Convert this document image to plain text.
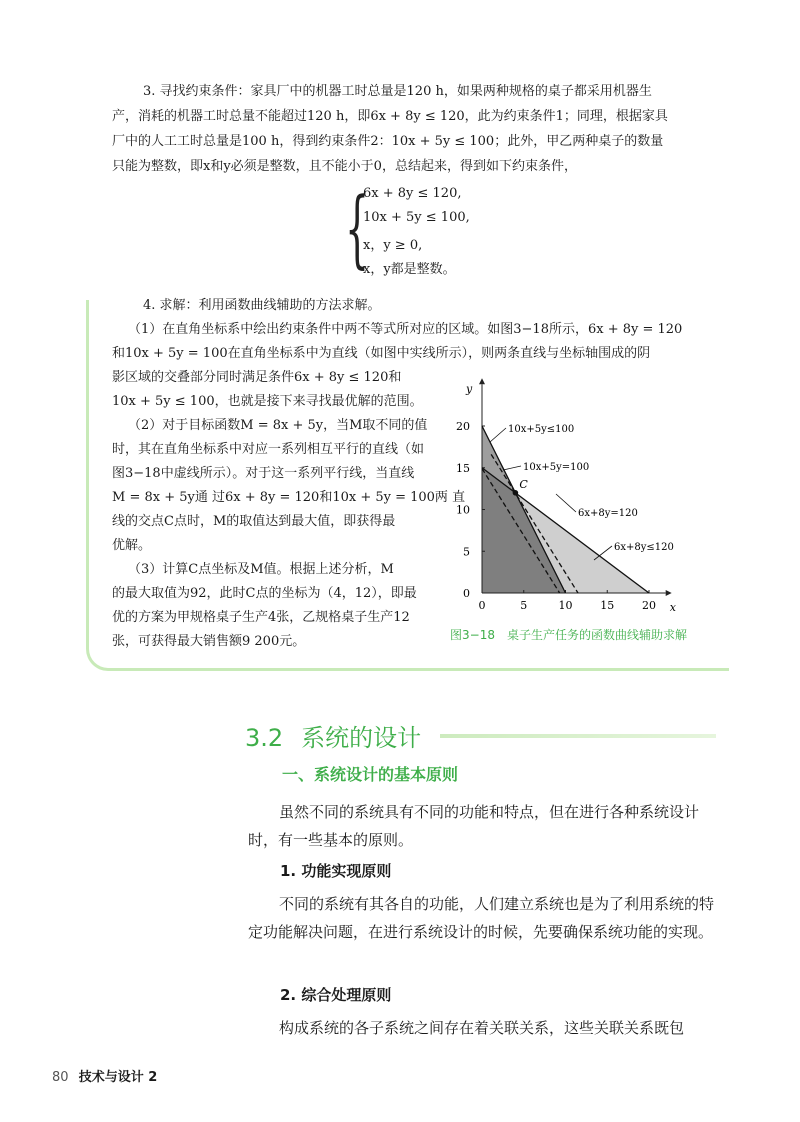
3. 寻找约束条件：家具厂中的机器工时总量是120 h，如果两种规格的桌子都采用机器生

产，消耗的机器工时总量不能超过120 h，即6x + 8y ≤ 120，此为约束条件1；同理，根据家具

厂中的人工工时总量是100 h，得到约束条件2：10x + 5y ≤ 100；此外，甲乙两种桌子的数量

只能为整数，即x和y必须是整数，且不能小于0，总结起来，得到如下约束条件，

{
6x + 8y ≤ 120,
10x + 5y ≤ 100,
x，y ≥ 0,
x，y都是整数。

4. 求解：利用函数曲线辅助的方法求解。

（1）在直角坐标系中绘出约束条件中两不等式所对应的区域。如图3−18所示，6x + 8y = 120

和10x + 5y = 100在直角坐标系中为直线（如图中实线所示），则两条直线与坐标轴围成的阴

影区域的交叠部分同时满足条件6x + 8y ≤ 120和

10x + 5y ≤ 100，也就是接下来寻找最优解的范围。

（2）对于目标函数M = 8x + 5y，当M取不同的值

时，其在直角坐标系中对应一系列相互平行的直线（如

图3−18中虚线所示）。对于这一系列平行线，当直线

M = 8x + 5y通 过6x + 8y = 120和10x + 5y = 100两 直

线的交点C点时，M的取值达到最大值，即获得最

优解。

（3）计算C点坐标及M值。根据上述分析，M

的最大取值为92，此时C点的坐标为（4，12），即最

优的方案为甲规格桌子生产4张，乙规格桌子生产12

张，可获得最大销售额9 200元。

x
y
0	5	10	15	20
0
5
10
15
20
C
10x+5y≤100
10x+5y=100
6x+8y=120
6x+8y≤120
图3−18　桌子生产任务的函数曲线辅助求解
3.2 系统的设计
一、系统设计的基本原则

虽然不同的系统具有不同的功能和特点，但在进行各种系统设计时，有一些基本的原则。

1. 功能实现原则

不同的系统有其各自的功能，人们建立系统也是为了利用系统的特定功能解决问题，在进行系统设计的时候，先要确保系统功能的实现。

2. 综合处理原则

构成系统的各子系统之间存在着关联关系，这些关联关系既包

80 技术与设计 2
